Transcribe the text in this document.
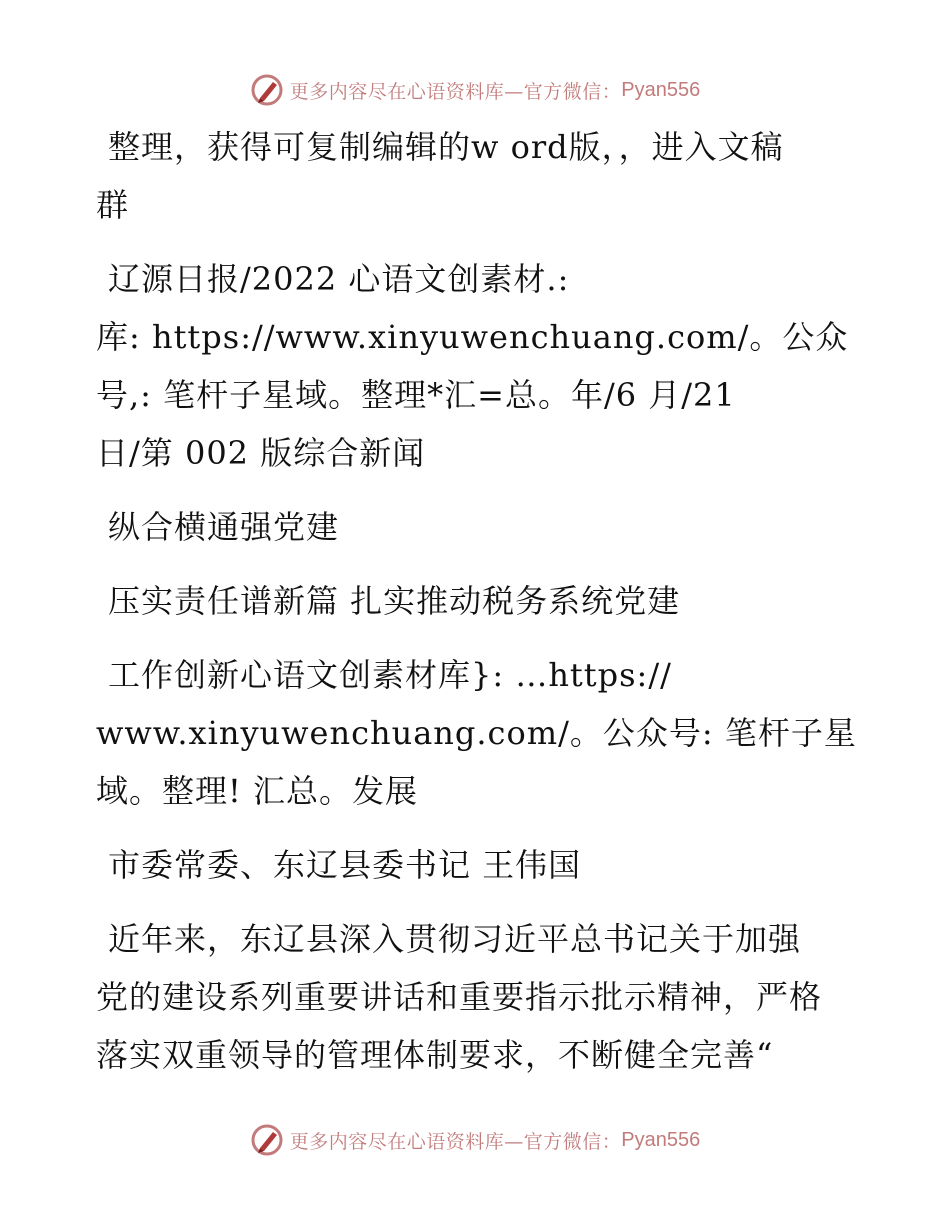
更多内容尽在心语资料库—官方微信： Pyan556
整理，获得可复制编辑的w ord版，，进入文稿
群
辽源日报/2022 心语文创素材.:
库: https://www.xinyuwenchuang.com/。公众
号,: 笔杆子星域。整理*汇=总。年/6 月/21
日/第 002 版综合新闻
纵合横通强党建
压实责任谱新篇 扎实推动税务系统党建
工作创新心语文创素材库}: …https://
www.xinyuwenchuang.com/。公众号: 笔杆子星
域。整理! 汇总。发展
市委常委、东辽县委书记 王伟国
近年来，东辽县深入贯彻习近平总书记关于加强
党的建设系列重要讲话和重要指示批示精神，严格
落实双重领导的管理体制要求，不断健全完善“
更多内容尽在心语资料库—官方微信： Pyan556
